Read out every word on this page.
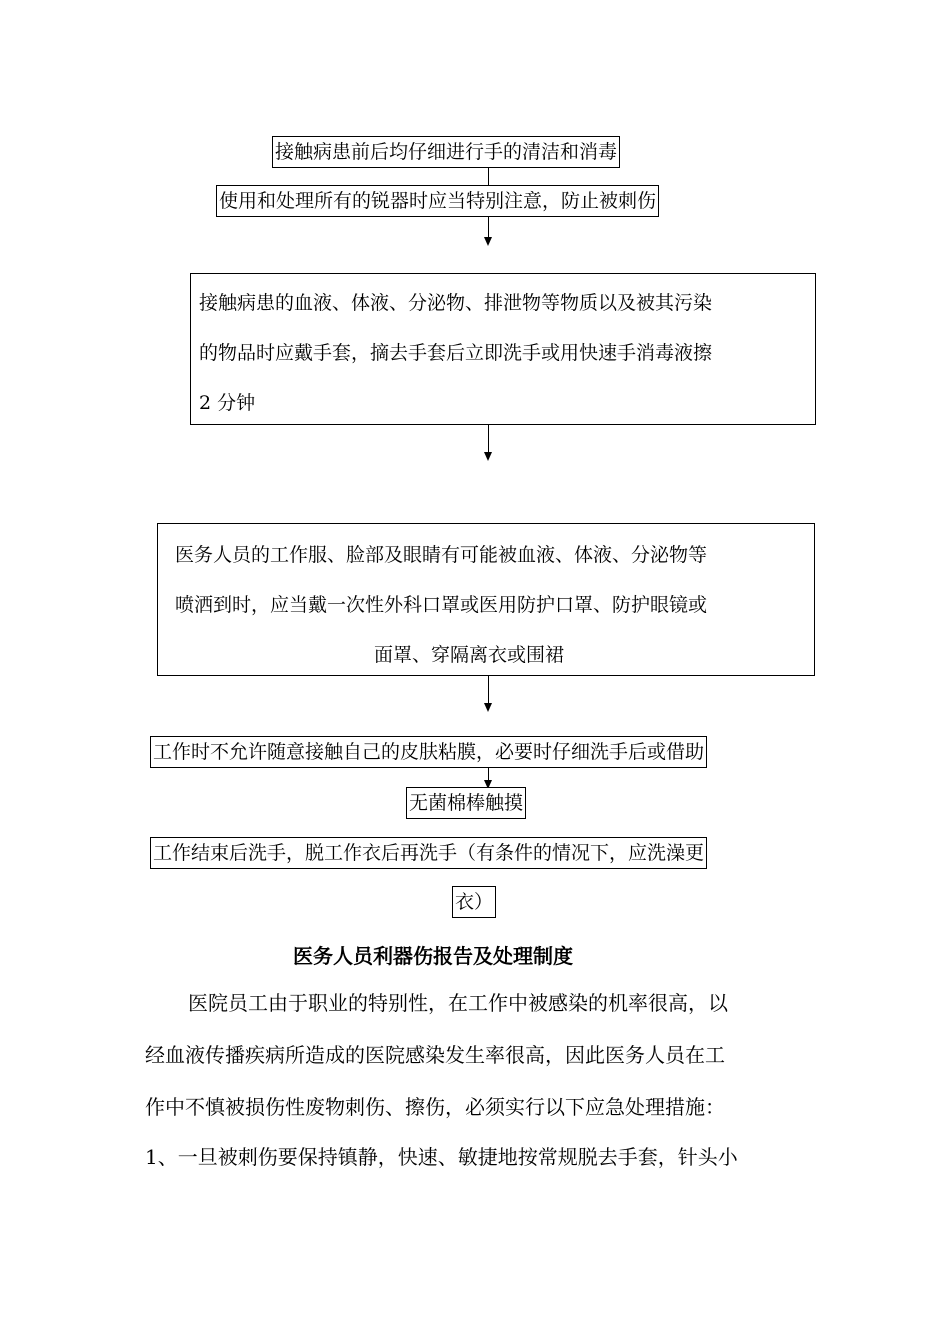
接触病患前后均仔细进行手的清洁和消毒
使用和处理所有的锐器时应当特别注意，防止被刺伤
接触病患的血液、体液、分泌物、排泄物等物质以及被其污染
的物品时应戴手套，摘去手套后立即洗手或用快速手消毒液擦
2 分钟
医务人员的工作服、脸部及眼睛有可能被血液、体液、分泌物等
喷洒到时，应当戴一次性外科口罩或医用防护口罩、防护眼镜或
面罩、穿隔离衣或围裙
工作时不允许随意接触自己的皮肤粘膜，必要时仔细洗手后或借助
无菌棉棒触摸
工作结束后洗手，脱工作衣后再洗手（有条件的情况下，应洗澡更
衣）
医务人员利器伤报告及处理制度
医院员工由于职业的特别性，在工作中被感染的机率很高，以
经血液传播疾病所造成的医院感染发生率很高，因此医务人员在工
作中不慎被损伤性废物刺伤、擦伤，必须实行以下应急处理措施：
1、一旦被刺伤要保持镇静，快速、敏捷地按常规脱去手套，针头小
